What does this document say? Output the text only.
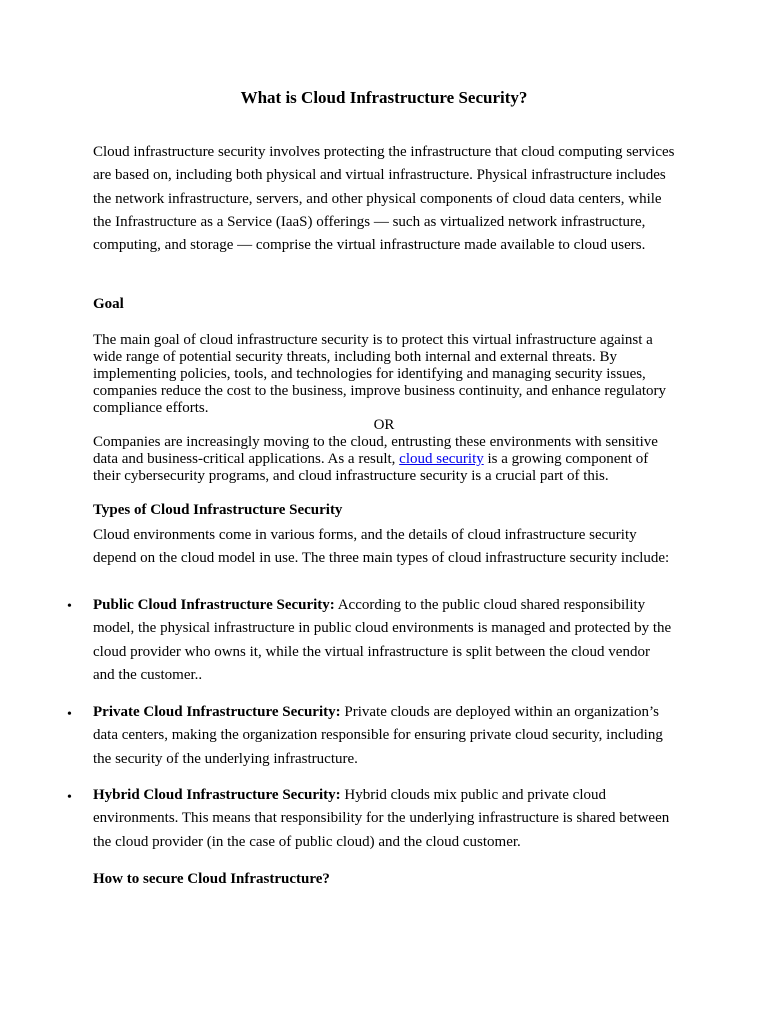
What is Cloud Infrastructure Security?

Cloud infrastructure security involves protecting the infrastructure that cloud computing services are based on, including both physical and virtual infrastructure. Physical infrastructure includes the network infrastructure, servers, and other physical components of cloud data centers, while the Infrastructure as a Service (IaaS) offerings — such as virtualized network infrastructure, computing, and storage — comprise the virtual infrastructure made available to cloud users.

Goal

The main goal of cloud infrastructure security is to protect this virtual infrastructure against a wide range of potential security threats, including both internal and external threats. By implementing policies, tools, and technologies for identifying and managing security issues, companies reduce the cost to the business, improve business continuity, and enhance regulatory compliance efforts.

OR

Companies are increasingly moving to the cloud, entrusting these environments with sensitive data and business-critical applications. As a result, cloud security is a growing component of their cybersecurity programs, and cloud infrastructure security is a crucial part of this.

Types of Cloud Infrastructure Security

Cloud environments come in various forms, and the details of cloud infrastructure security depend on the cloud model in use. The three main types of cloud infrastructure security include:

•	Public Cloud Infrastructure Security: According to the public cloud shared responsibility model, the physical infrastructure in public cloud environments is managed and protected by the cloud provider who owns it, while the virtual infrastructure is split between the cloud vendor and the customer..

•	Private Cloud Infrastructure Security: Private clouds are deployed within an organization’s data centers, making the organization responsible for ensuring private cloud security, including the security of the underlying infrastructure.

•	Hybrid Cloud Infrastructure Security: Hybrid clouds mix public and private cloud environments. This means that responsibility for the underlying infrastructure is shared between the cloud provider (in the case of public cloud) and the cloud customer.

How to secure Cloud Infrastructure?
